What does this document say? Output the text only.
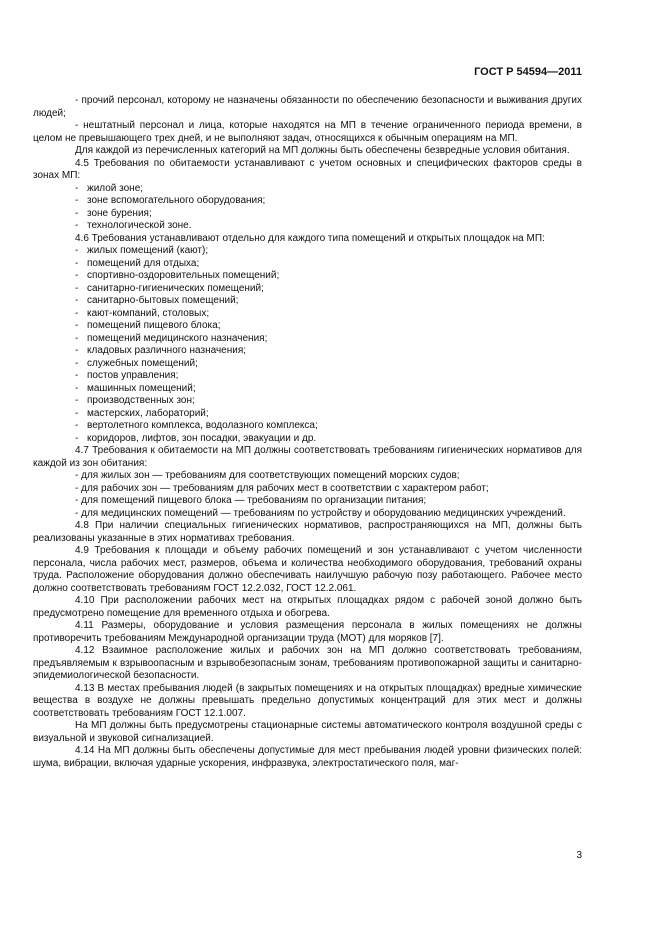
ГОСТ Р 54594—2011

- прочий персонал, которому не назначены обязанности по обеспечению безопасности и выживания других людей;

- нештатный персонал и лица, которые находятся на МП в течение ограниченного периода времени, в целом не превышающего трех дней, и не выполняют задач, относящихся к обычным операциям на МП.

Для каждой из перечисленных категорий на МП должны быть обеспечены безвредные условия обитания.

4.5 Требования по обитаемости устанавливают с учетом основных и специфических факторов среды в зонах МП:

- жилой зоне;

- зоне вспомогательного оборудования;

- зоне бурения;

- технологической зоне.

4.6 Требования устанавливают отдельно для каждого типа помещений и открытых площадок на МП:

- жилых помещений (кают);

- помещений для отдыха;

- спортивно-оздоровительных помещений;

- санитарно-гигиенических помещений;

- санитарно-бытовых помещений;

- кают-компаний, столовых;

- помещений пищевого блока;

- помещений медицинского назначения;

- кладовых различного назначения;

- служебных помещений;

- постов управления;

- машинных помещений;

- производственных зон;

- мастерских, лабораторий;

- вертолетного комплекса, водолазного комплекса;

- коридоров, лифтов, зон посадки, эвакуации и др.

4.7 Требования к обитаемости на МП должны соответствовать требованиям гигиенических нормативов для каждой из зон обитания:

- для жилых зон — требованиям для соответствующих помещений морских судов;

- для рабочих зон — требованиям для рабочих мест в соответствии с характером работ;

- для помещений пищевого блока — требованиям по организации питания;

- для медицинских помещений — требованиям по устройству и оборудованию медицинских учреждений.

4.8 При наличии специальных гигиенических нормативов, распространяющихся на МП, должны быть реализованы указанные в этих нормативах требования.

4.9 Требования к площади и объему рабочих помещений и зон устанавливают с учетом численности персонала, числа рабочих мест, размеров, объема и количества необходимого оборудования, требований охраны труда. Расположение оборудования должно обеспечивать наилучшую рабочую позу работающего. Рабочее место должно соответствовать требованиям ГОСТ 12.2.032, ГОСТ 12.2.061.

4.10 При расположении рабочих мест на открытых площадках рядом с рабочей зоной должно быть предусмотрено помещение для временного отдыха и обогрева.

4.11 Размеры, оборудование и условия размещения персонала в жилых помещениях не должны противоречить требованиям Международной организации труда (МОТ) для моряков [7].

4.12 Взаимное расположение жилых и рабочих зон на МП должно соответствовать требованиям, предъявляемым к взрывоопасным и взрывобезопасным зонам, требованиям противопожарной защиты и санитарно-эпидемиологической безопасности.

4.13 В местах пребывания людей (в закрытых помещениях и на открытых площадках) вредные химические вещества в воздухе не должны превышать предельно допустимых концентраций для этих мест и должны соответствовать требованиям ГОСТ 12.1.007.

На МП должны быть предусмотрены стационарные системы автоматического контроля воздушной среды с визуальной и звуковой сигнализацией.

4.14 На МП должны быть обеспечены допустимые для мест пребывания людей уровни физических полей: шума, вибрации, включая ударные ускорения, инфразвука, электростатического поля, маг-

3
